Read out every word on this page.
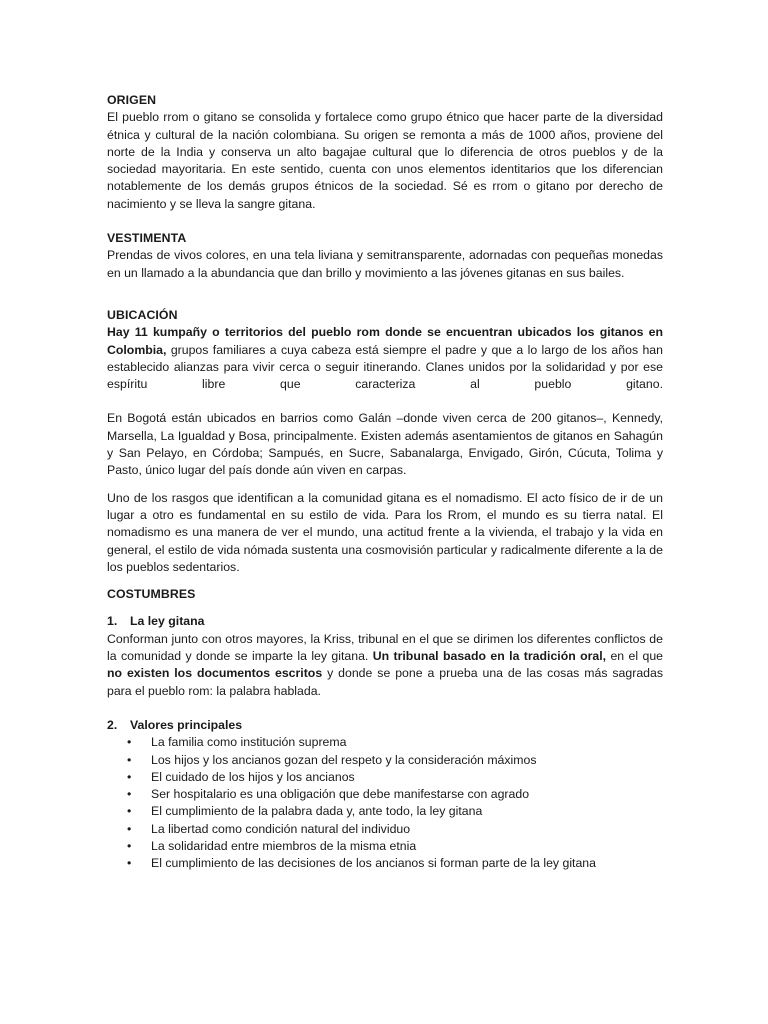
ORIGEN

El pueblo rrom o gitano se consolida y fortalece como grupo étnico que hacer parte de la diversidad étnica y cultural de la nación colombiana. Su origen se remonta a más de 1000 años, proviene del norte de la India y conserva un alto bagajae cultural que lo diferencia de otros pueblos y de la sociedad mayoritaria. En este sentido, cuenta con unos elementos identitarios que los diferencian notablemente de los demás grupos étnicos de la sociedad. Sé es rrom o gitano por derecho de nacimiento y se lleva la sangre gitana.

VESTIMENTA

Prendas de vivos colores, en una tela liviana y semitransparente, adornadas con pequeñas monedas en un llamado a la abundancia que dan brillo y movimiento a las jóvenes gitanas en sus bailes.

UBICACIÓN

Hay 11 kumpañy o territorios del pueblo rom donde se encuentran ubicados los gitanos en Colombia, grupos familiares a cuya cabeza está siempre el padre y que a lo largo de los años han establecido alianzas para vivir cerca o seguir itinerando. Clanes unidos por la solidaridad y por ese espíritu libre que caracteriza al pueblo gitano.

En Bogotá están ubicados en barrios como Galán –donde viven cerca de 200 gitanos–, Kennedy, Marsella, La Igualdad y Bosa, principalmente. Existen además asentamientos de gitanos en Sahagún y San Pelayo, en Córdoba; Sampués, en Sucre, Sabanalarga, Envigado, Girón, Cúcuta, Tolima y Pasto, único lugar del país donde aún viven en carpas.

Uno de los rasgos que identifican a la comunidad gitana es el nomadismo. El acto físico de ir de un lugar a otro es fundamental en su estilo de vida. Para los Rrom, el mundo es su tierra natal. El nomadismo es una manera de ver el mundo, una actitud frente a la vivienda, el trabajo y la vida en general, el estilo de vida nómada sustenta una cosmovisión particular y radicalmente diferente a la de los pueblos sedentarios.

COSTUMBRES
1.	La ley gitana

Conforman junto con otros mayores, la Kriss, tribunal en el que se dirimen los diferentes conflictos de la comunidad y donde se imparte la ley gitana. Un tribunal basado en la tradición oral, en el que no existen los documentos escritos y donde se pone a prueba una de las cosas más sagradas para el pueblo rom: la palabra hablada.

2.	Valores principales
•	La familia como institución suprema
•	Los hijos y los ancianos gozan del respeto y la consideración máximos
•	El cuidado de los hijos y los ancianos
•	Ser hospitalario es una obligación que debe manifestarse con agrado
•	El cumplimiento de la palabra dada y, ante todo, la ley gitana
•	La libertad como condición natural del individuo
•	La solidaridad entre miembros de la misma etnia
•	El cumplimiento de las decisiones de los ancianos si forman parte de la ley gitana
